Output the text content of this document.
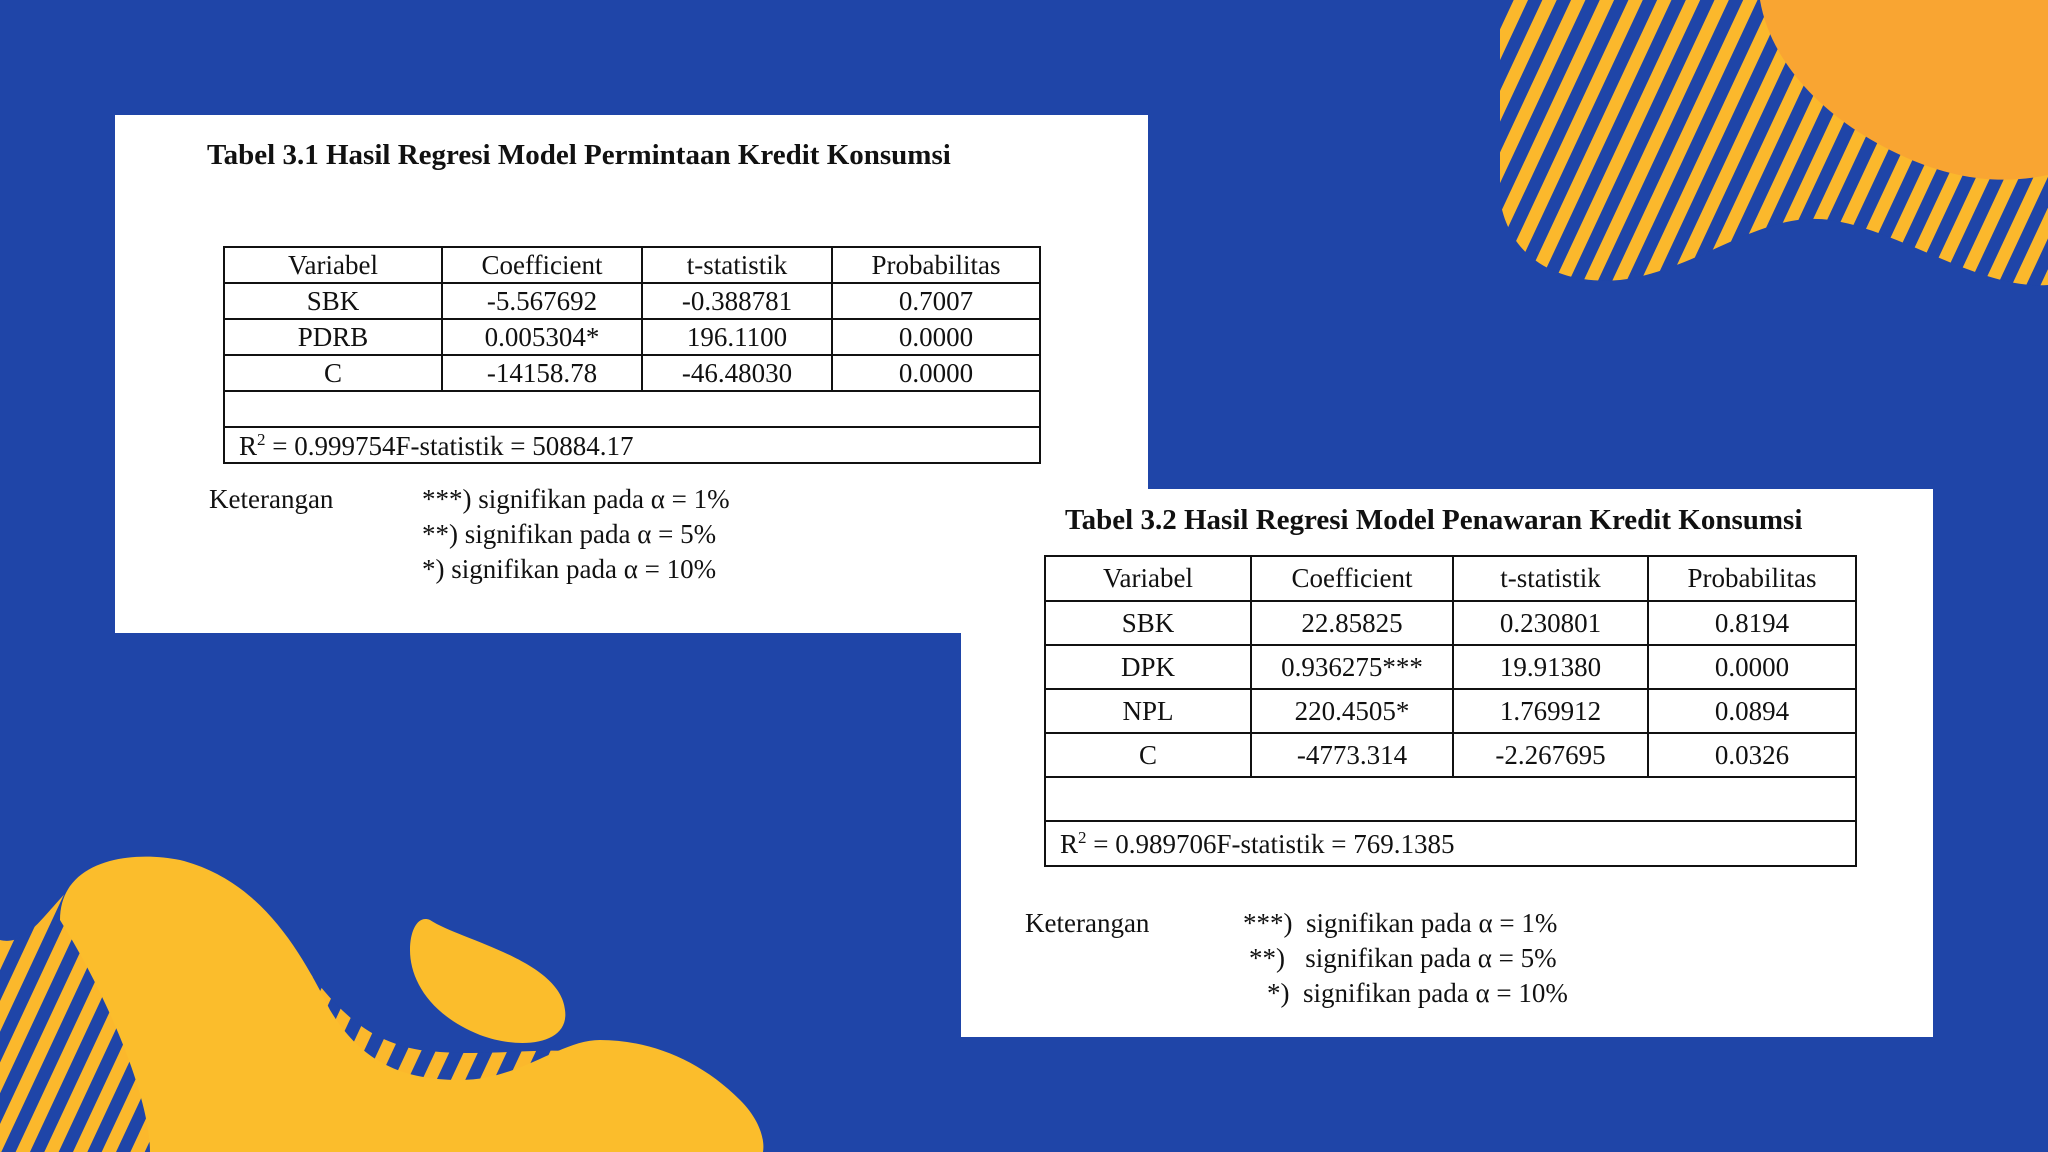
Tabel 3.1 Hasil Regresi Model Permintaan Kredit Konsumsi
Variabel	Coefficient	t-statistik	Probabilitas
SBK	-5.567692	-0.388781	0.7007
PDRB	0.005304*	196.1100	0.0000
C	-14158.78	-46.48030	0.0000

$R^2$ = 0.999754F-statistik = 50884.17			
Keterangan	***) signifikan pada α = 1%
**) signifikan pada α = 5%
*) signifikan pada α = 10%
Tabel 3.2 Hasil Regresi Model Penawaran Kredit Konsumsi
Variabel	Coefficient	t-statistik	Probabilitas
SBK	22.85825	0.230801	0.8194
DPK	0.936275***	19.91380	0.0000
NPL	220.4505*	1.769912	0.0894
C	-4773.314	-2.267695	0.0326

$R^2$ = 0.989706F-statistik = 769.1385			
Keterangan	***)  signifikan pada α = 1%
**)   signifikan pada α = 5%
*)  signifikan pada α = 10%
